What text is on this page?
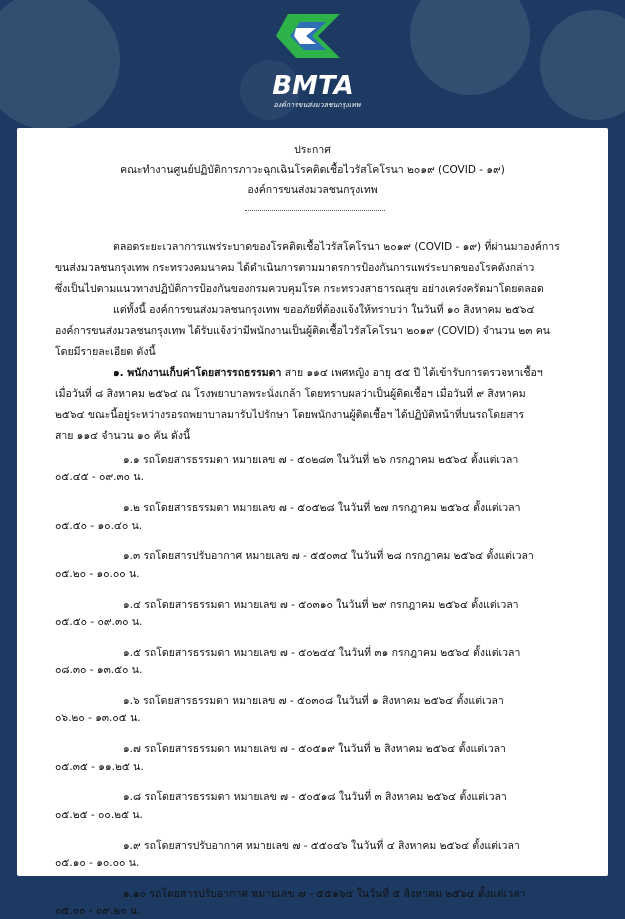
BMTA
องค์การขนส่งมวลชนกรุงเทพ
ประกาศ
คณะทำงานศูนย์ปฏิบัติการภาวะฉุกเฉินโรคติดเชื้อไวรัสโคโรนา ๒๐๑๙ (COVID - ๑๙)
องค์การขนส่งมวลชนกรุงเทพ
ตลอดระยะเวลาการแพร่ระบาดของโรคติดเชื้อไวรัสโคโรนา ๒๐๑๙ (COVID - ๑๙) ที่ผ่านมาองค์การ
ขนส่งมวลชนกรุงเทพ กระทรวงคมนาคม ได้ดำเนินการตามมาตรการป้องกันการแพร่ระบาดของโรคดังกล่าว
ซึ่งเป็นไปตามแนวทางปฏิบัติการป้องกันของกรมควบคุมโรค กระทรวงสาธารณสุข อย่างเคร่งครัดมาโดยตลอด
แต่ทั้งนี้ องค์การขนส่งมวลชนกรุงเทพ ขออภัยที่ต้องแจ้งให้ทราบว่า ในวันที่ ๑๐ สิงหาคม ๒๕๖๔
องค์การขนส่งมวลชนกรุงเทพ ได้รับแจ้งว่ามีพนักงานเป็นผู้ติดเชื้อไวรัสโคโรนา ๒๐๑๙ (COVID) จำนวน ๒๓ คน
โดยมีรายละเอียด ดังนี้
๑. พนักงานเก็บค่าโดยสารรถธรรมดา สาย ๑๑๔ เพศหญิง อายุ ๕๕ ปี ได้เข้ารับการตรวจหาเชื้อฯ
เมื่อวันที่ ๘ สิงหาคม ๒๕๖๔ ณ โรงพยาบาลพระนั่งเกล้า โดยทราบผลว่าเป็นผู้ติดเชื้อฯ เมื่อวันที่ ๙ สิงหาคม
๒๕๖๔ ขณะนี้อยู่ระหว่างรอรถพยาบาลมารับไปรักษา โดยพนักงานผู้ติดเชื้อฯ ได้ปฏิบัติหน้าที่บนรถโดยสาร
สาย ๑๑๔ จำนวน ๑๐ คัน ดังนี้
๑.๑ รถโดยสารธรรมดา หมายเลข ๗ - ๕๐๒๘๓ ในวันที่ ๒๖ กรกฎาคม ๒๕๖๔ ตั้งแต่เวลา
๐๕.๔๕ - ๐๙.๓๐ น.
๑.๒ รถโดยสารธรรมดา หมายเลข ๗ - ๕๐๕๒๘ ในวันที่ ๒๗ กรกฎาคม ๒๕๖๔ ตั้งแต่เวลา
๐๕.๕๐ - ๑๐.๔๐ น.
๑.๓ รถโดยสารปรับอากาศ หมายเลข ๗ - ๕๕๐๓๔ ในวันที่ ๒๘ กรกฎาคม ๒๕๖๔ ตั้งแต่เวลา
๐๕.๒๐ - ๑๐.๐๐ น.
๑.๔ รถโดยสารธรรมดา หมายเลข ๗ - ๕๐๓๑๐ ในวันที่ ๒๙ กรกฎาคม ๒๕๖๔ ตั้งแต่เวลา
๐๕.๕๐ - ๐๙.๓๐ น.
๑.๕ รถโดยสารธรรมดา หมายเลข ๗ - ๕๐๒๔๔ ในวันที่ ๓๑ กรกฎาคม ๒๕๖๔ ตั้งแต่เวลา
๐๘.๓๐ - ๑๓.๕๐ น.
๑.๖ รถโดยสารธรรมดา หมายเลข ๗ - ๕๐๓๐๘ ในวันที่ ๑ สิงหาคม ๒๕๖๔ ตั้งแต่เวลา
๐๖.๒๐ - ๑๓.๐๕ น.
๑.๗ รถโดยสารธรรมดา หมายเลข ๗ - ๕๐๕๑๙ ในวันที่ ๒ สิงหาคม ๒๕๖๔ ตั้งแต่เวลา
๐๕.๓๕ - ๑๑.๒๕ น.
๑.๘ รถโดยสารธรรมดา หมายเลข ๗ - ๕๐๕๑๘ ในวันที่ ๓ สิงหาคม ๒๕๖๔ ตั้งแต่เวลา
๐๕.๒๕ - ๐๐.๒๕ น.
๑.๙ รถโดยสารปรับอากาศ หมายเลข ๗ - ๕๕๐๔๖ ในวันที่ ๔ สิงหาคม ๒๕๖๔ ตั้งแต่เวลา
๐๕.๑๐ - ๑๐.๐๐ น.
๑.๑๐ รถโดยสารปรับอากาศ หมายเลข ๗ - ๕๕๑๖๔ ในวันที่ ๕ สิงหาคม ๒๕๖๔ ตั้งแต่เวลา
๐๕.๐๐ - ๐๙.๒๐ น.
